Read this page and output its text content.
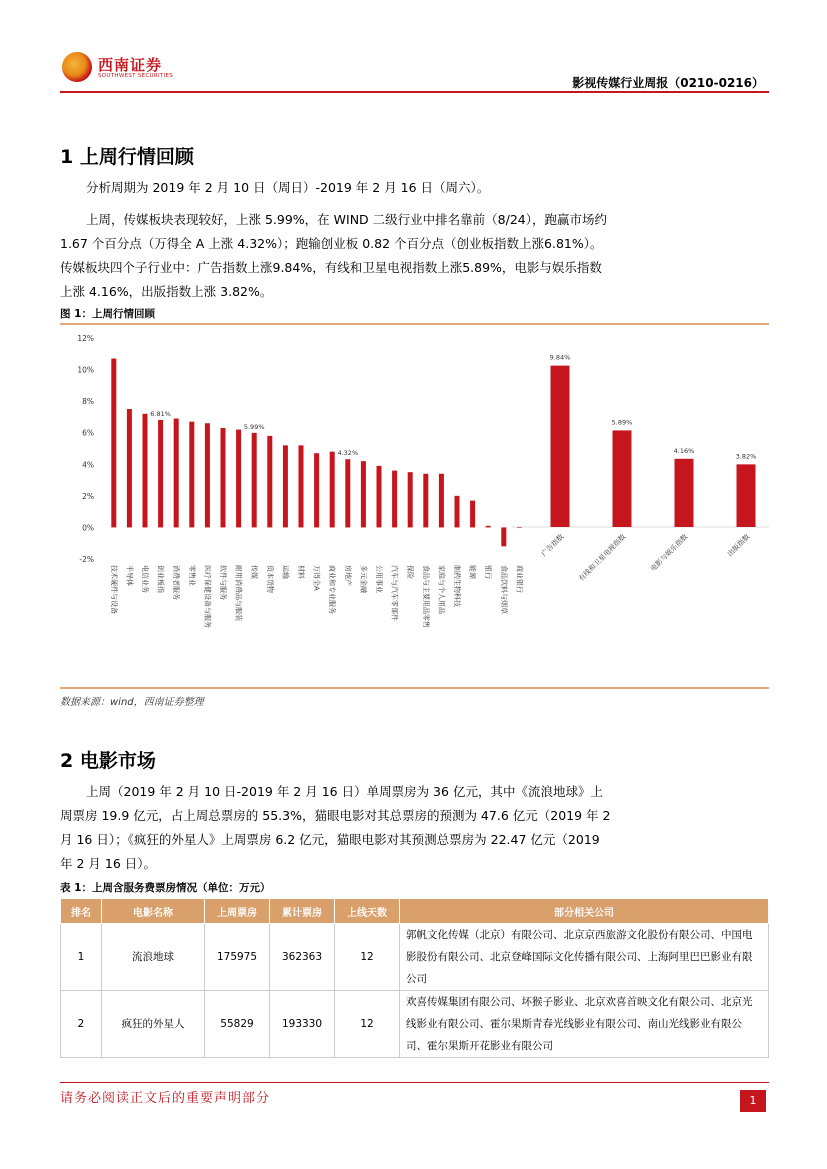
西南证券
SOUTHWEST SECURITIES	影视传媒行业周报（0210-0216）
1 上周行情回顾

分析周期为 2019 年 2 月 10 日（周日）-2019 年 2 月 16 日（周六）。

上周，传媒板块表现较好，上涨 5.99%，在 WIND 二级行业中排名靠前（8/24），跑赢市场约 1.67 个百分点（万得全 A 上涨 4.32%）；跑输创业板 0.82 个百分点（创业板指数上涨6.81%）。传媒板块四个子行业中：广告指数上涨9.84%，有线和卫星电视指数上涨5.89%，电影与娱乐指数上涨 4.16%，出版指数上涨 3.82%。

图 1：上周行情回顾
12%
10%
8%
6%
4%
2%
0%
-2%
技术硬件与设备 半导体 电信业务 创业板指 消费者服务 零售业 医疗保健设备与服务 软件与服务 耐用消费品与服装 传媒 资本货物 运输 材料 万得全A 商业和专业服务 房地产 多元金融 公用事业 汽车与汽车零部件 保险 食品与主要用品零售 家庭与个人用品 制药生物科技 能源 银行 食品饮料与烟草 商业银行
6.81%
5.99%
4.32%
9.84%
广告指数
5.89%
有线和卫星电视指数
4.16%
电影与娱乐指数
3.82%
出版指数
数据来源：wind，西南证券整理
2 电影市场

上周（2019 年 2 月 10 日-2019 年 2 月 16 日）单周票房为 36 亿元，其中《流浪地球》上周票房 19.9 亿元，占上周总票房的 55.3%，猫眼电影对其总票房的预测为 47.6 亿元（2019 年 2 月 16 日）；《疯狂的外星人》上周票房 6.2 亿元，猫眼电影对其预测总票房为 22.47 亿元（2019 年 2 月 16 日）。

表 1：上周含服务费票房情况（单位：万元）
排名	电影名称	上周票房	累计票房	上线天数	部分相关公司
1	流浪地球	175975	362363	12	郭帆文化传媒（北京）有限公司、北京京西旅游文化股份有限公司、中国电影股份有限公司、北京登峰国际文化传播有限公司、上海阿里巴巴影业有限公司
2	疯狂的外星人	55829	193330	12	欢喜传媒集团有限公司、坏猴子影业、北京欢喜首映文化有限公司、北京光线影业有限公司、霍尔果斯青春光线影业有限公司、南山光线影业有限公司、霍尔果斯开花影业有限公司
请务必阅读正文后的重要声明部分	1
